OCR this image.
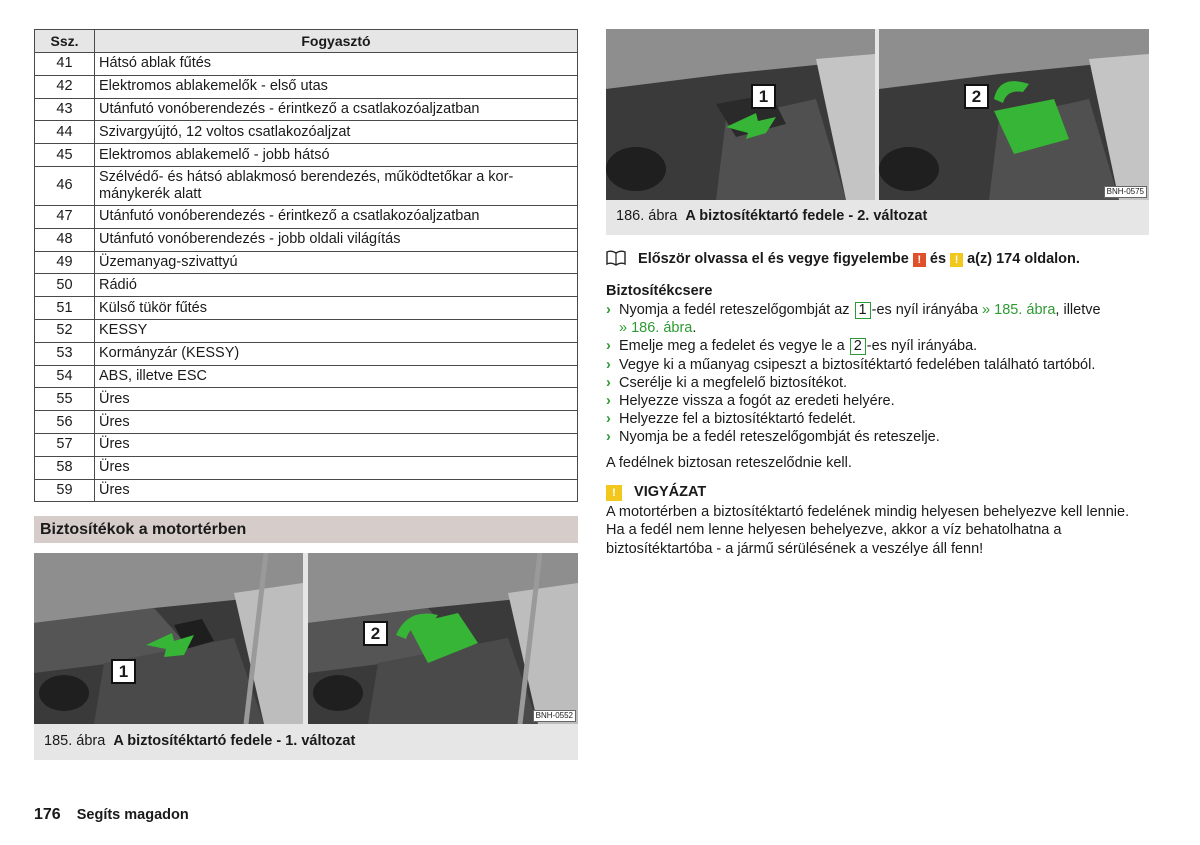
Ssz.	Fogyasztó
41	Hátsó ablak fűtés
42	Elektromos ablakemelők - első utas
43	Utánfutó vonóberendezés - érintkező a csatlakozóaljzatban
44	Szivargyújtó, 12 voltos csatlakozóaljzat
45	Elektromos ablakemelő - jobb hátsó
46	Szélvédő- és hátsó ablakmosó berendezés, működtetőkar a kor-
mánykerék alatt
47	Utánfutó vonóberendezés - érintkező a csatlakozóaljzatban
48	Utánfutó vonóberendezés - jobb oldali világítás
49	Üzemanyag-szivattyú
50	Rádió
51	Külső tükör fűtés
52	KESSY
53	Kormányzár (KESSY)
54	ABS, illetve ESC
55	Üres
56	Üres
57	Üres
58	Üres
59	Üres
Biztosítékok a motortérben
1
2
BNH-0552
185. ábra A biztosítéktartó fedele - 1. változat
1	2
BNH-0575
186. ábra A biztosítéktartó fedele - 2. változat
Először olvassa el és vegye figyelembe ! és ! a(z) 174 oldalon.
Biztosítékcsere
› Nyomja a fedél reteszelőgombját az 1 -es nyíl irányába » 185. ábra, illetve
» 186. ábra.
› Emelje meg a fedelet és vegye le a 2 -es nyíl irányába.
› Vegye ki a műanyag csipeszt a biztosítéktartó fedelében található tartóból.
› Cserélje ki a megfelelő biztosítékot.
› Helyezze vissza a fogót az eredeti helyére.
› Helyezze fel a biztosítéktartó fedelét.
› Nyomja be a fedél reteszelőgombját és reteszelje.
A fedélnek biztosan reteszelődnie kell.
! VIGYÁZAT
A motortérben a biztosítéktartó fedelének mindig helyesen behelyezve kell lennie. Ha a fedél nem lenne helyesen behelyezve, akkor a víz behatolhatna a biztosítéktartóba - a jármű sérülésének a veszélye áll fenn!
176 Segíts magadon
